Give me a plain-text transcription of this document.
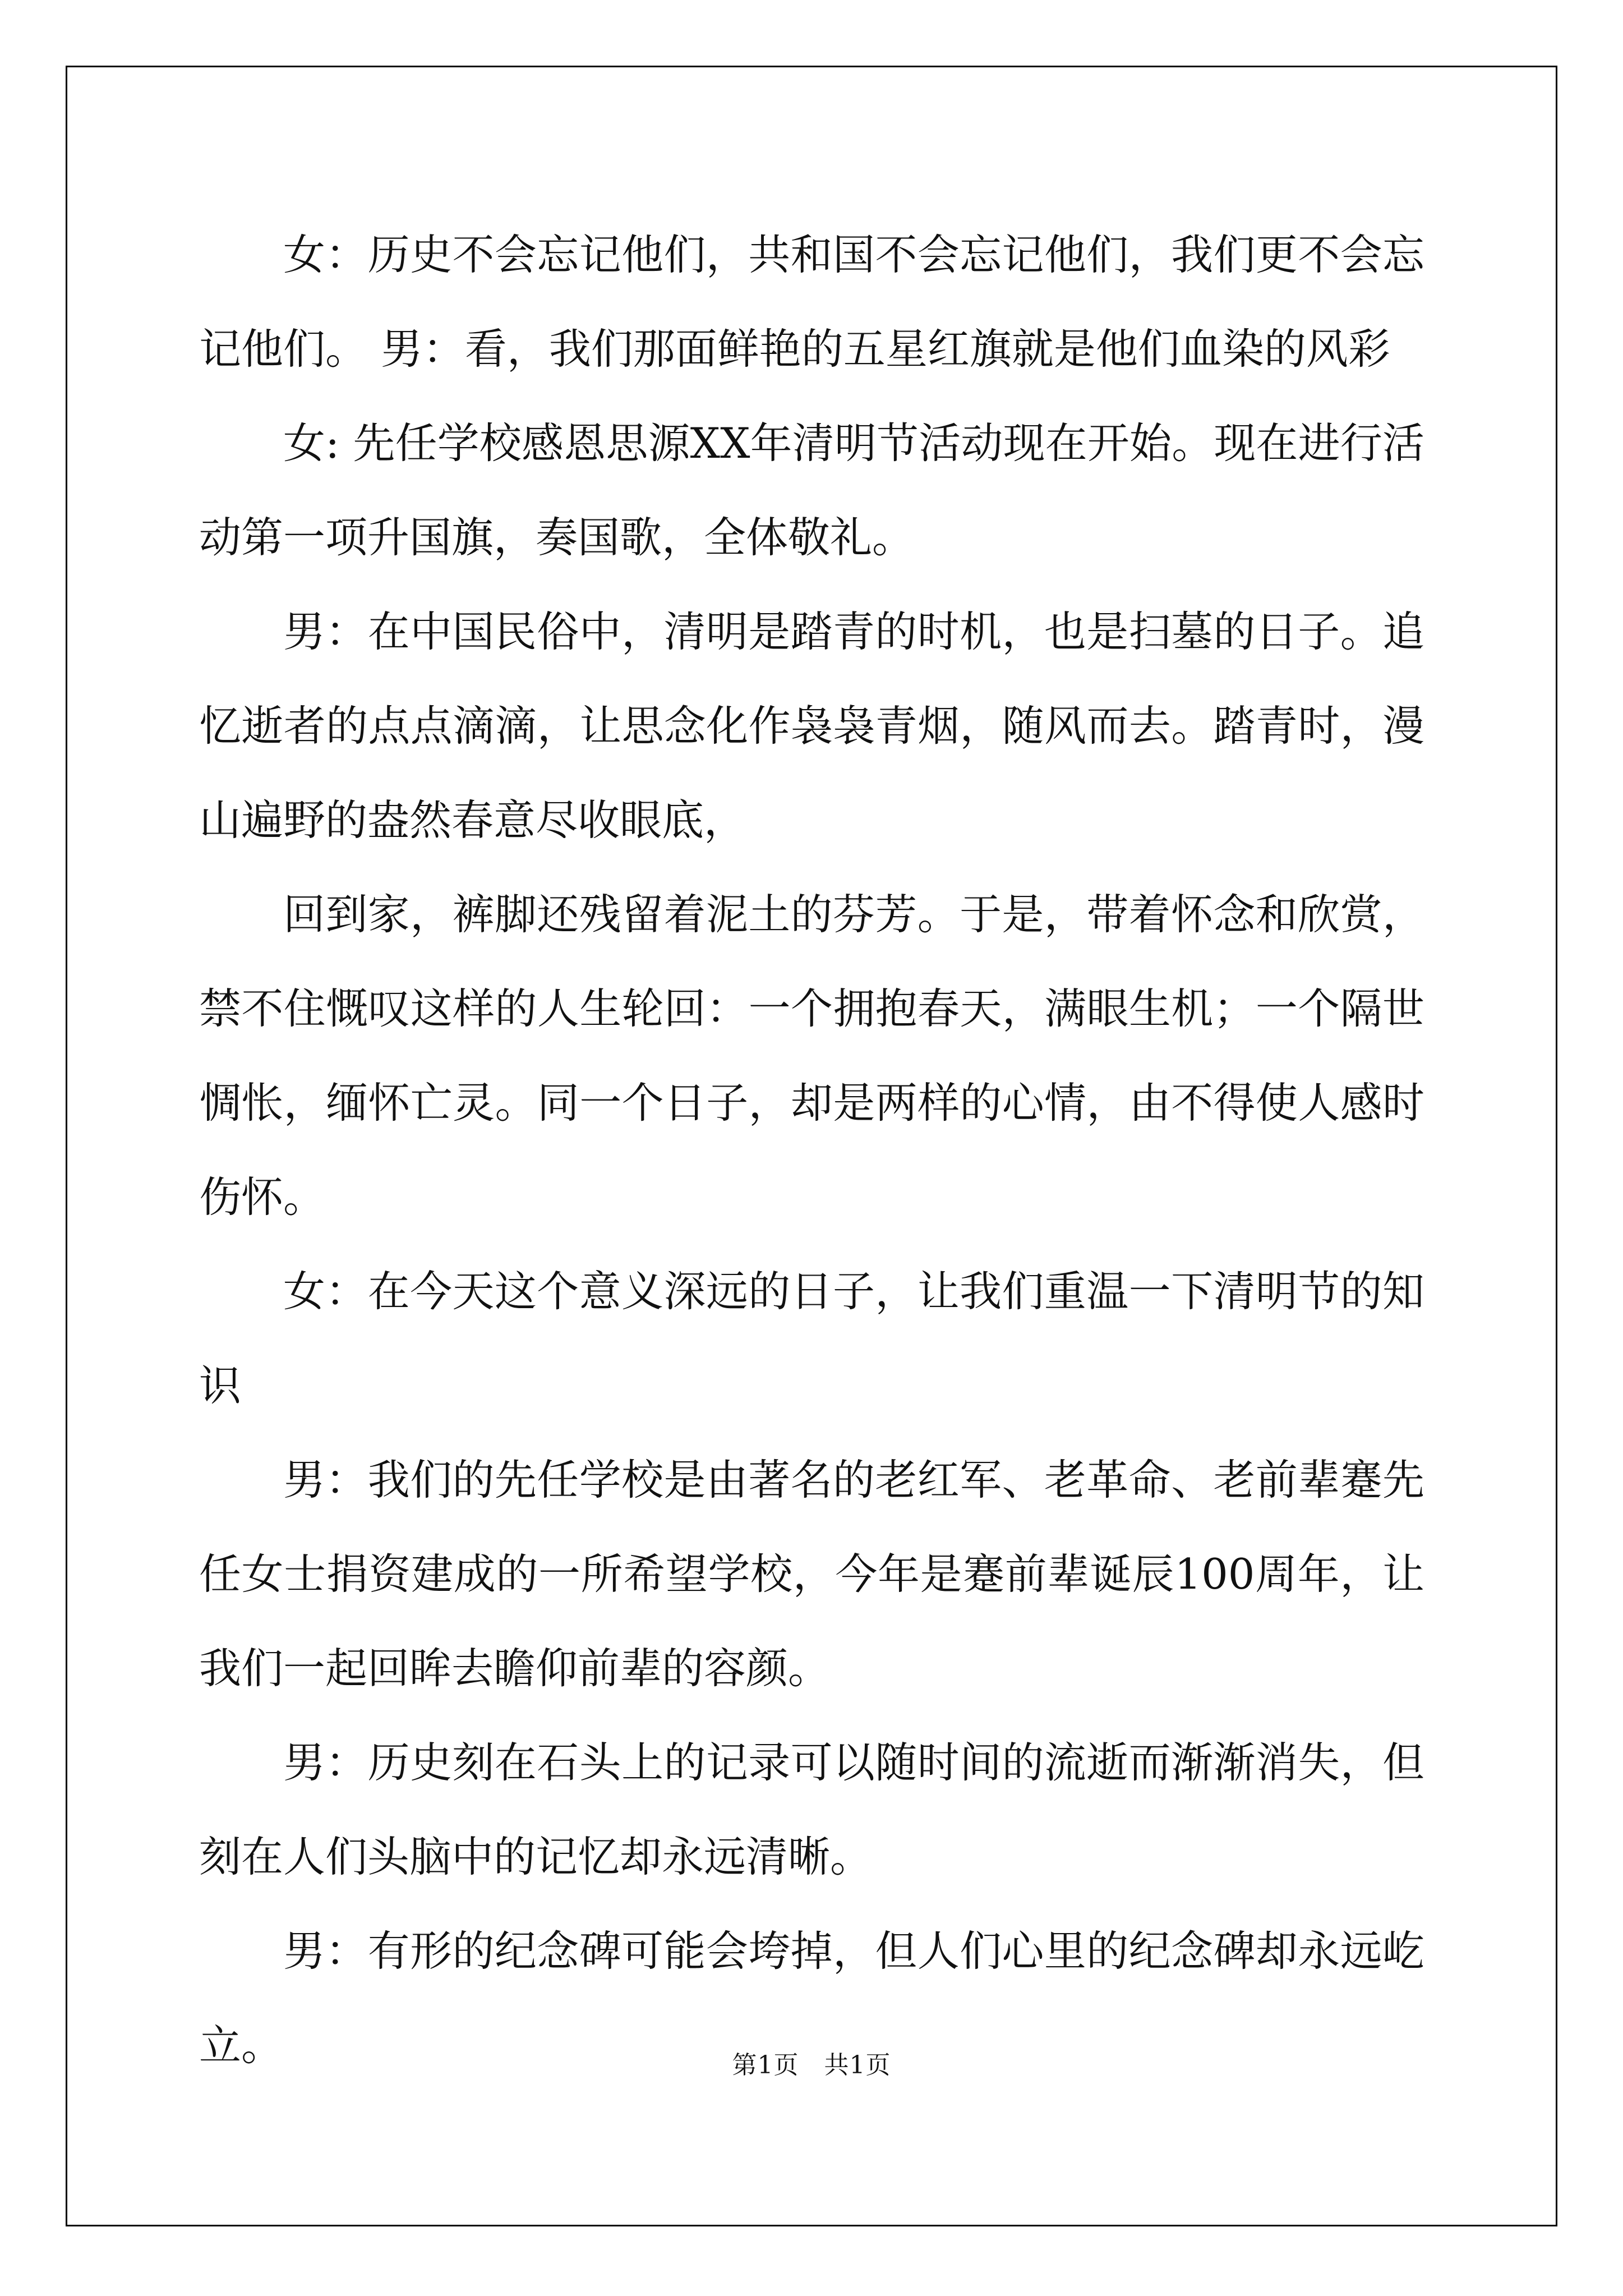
女：历史不会忘记他们，共和国不会忘记他们，我们更不会忘记他们。 男：看，我们那面鲜艳的五星红旗就是他们血染的风彩

女: 先任学校感恩思源XX年清明节活动现在开始。现在进行活动第一项升国旗，奏国歌，全体敬礼。

男：在中国民俗中，清明是踏青的时机，也是扫墓的日子。追忆逝者的点点滴滴，让思念化作袅袅青烟，随风而去。踏青时，漫山遍野的盎然春意尽收眼底，

回到家，裤脚还残留着泥土的芬芳。于是，带着怀念和欣赏，禁不住慨叹这样的人生轮回：一个拥抱春天，满眼生机；一个隔世惆怅，缅怀亡灵。同一个日子，却是两样的心情，由不得使人感时伤怀。

女：在今天这个意义深远的日子，让我们重温一下清明节的知识

男：我们的先任学校是由著名的老红军、老革命、老前辈蹇先任女士捐资建成的一所希望学校，今年是蹇前辈诞辰100周年，让我们一起回眸去瞻仰前辈的容颜。

男：历史刻在石头上的记录可以随时间的流逝而渐渐消失，但刻在人们头脑中的记忆却永远清晰。

男：有形的纪念碑可能会垮掉，但人们心里的纪念碑却永远屹立。	第1页   共1页
